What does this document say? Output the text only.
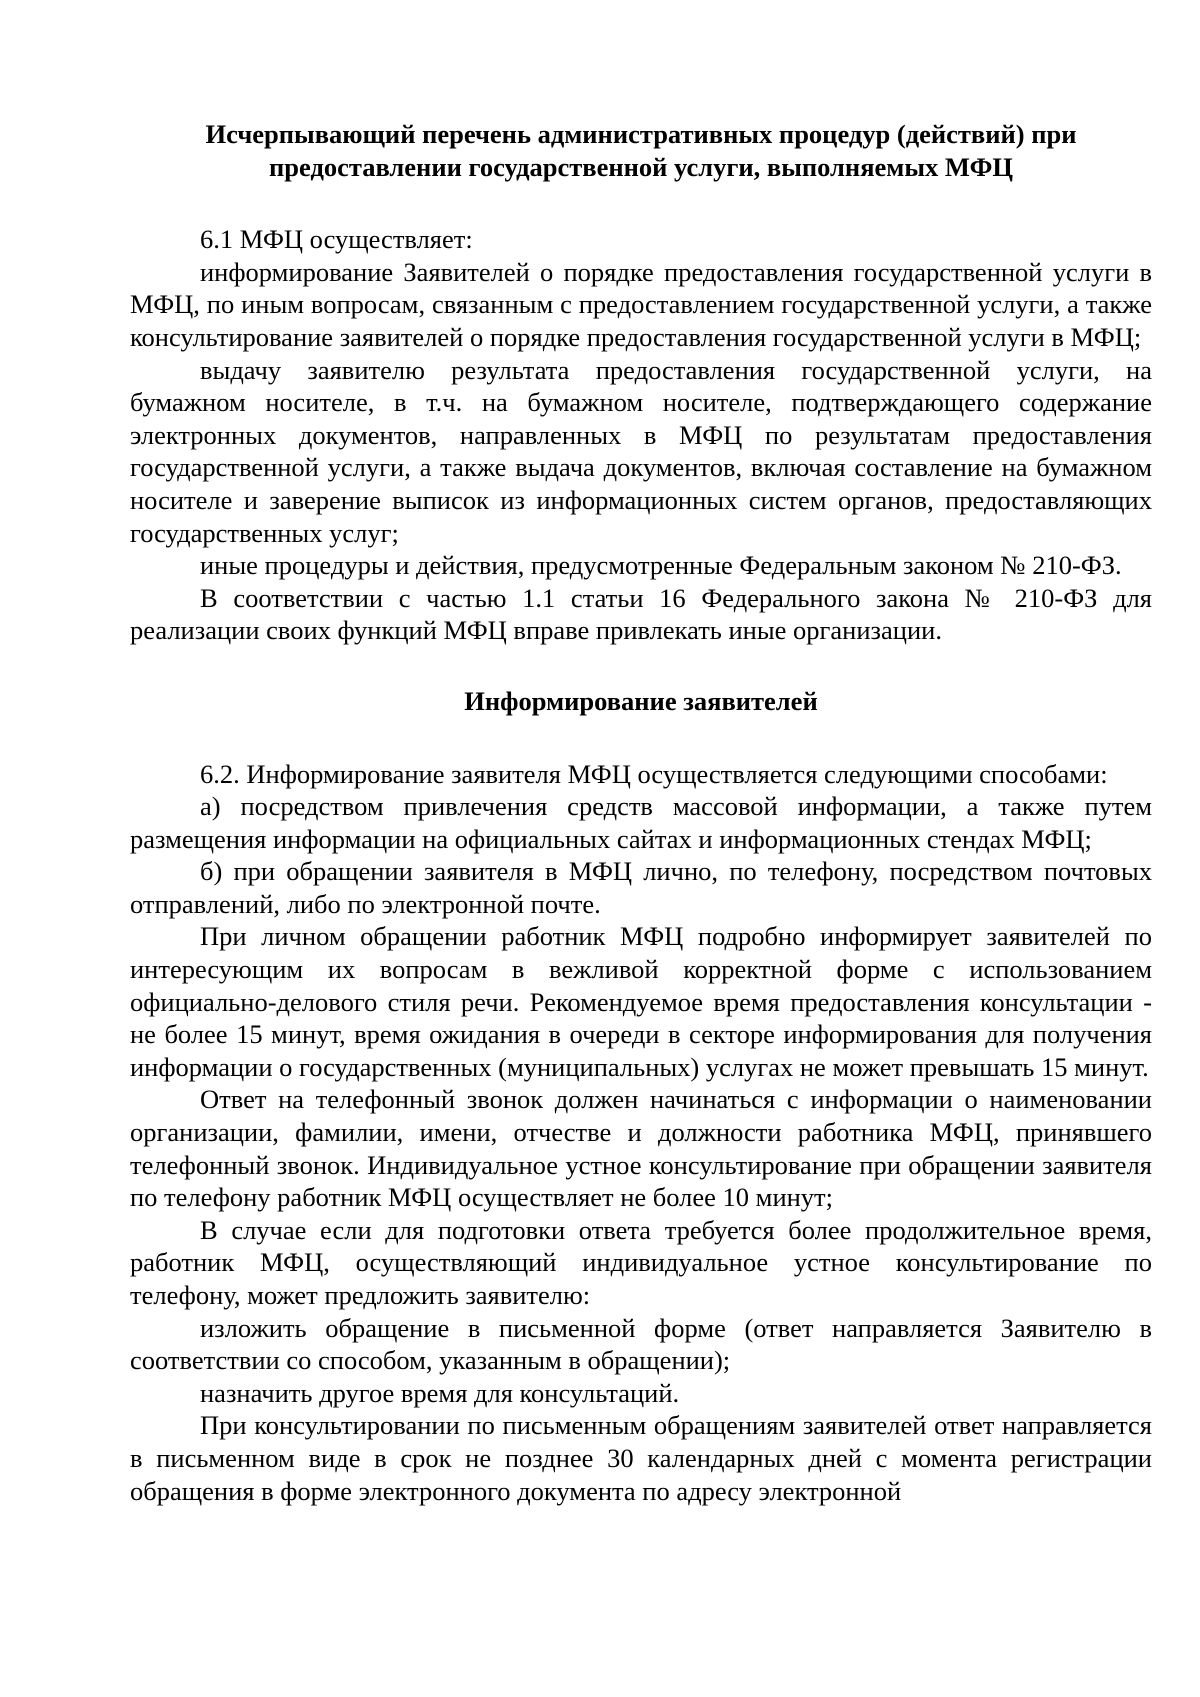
Исчерпывающий перечень административных процедур (действий) при
предоставлении государственной услуги, выполняемых МФЦ

6.1 МФЦ осуществляет:

информирование Заявителей о порядке предоставления государственной услуги в МФЦ, по иным вопросам, связанным с предоставлением государственной услуги, а также консультирование заявителей о порядке предоставления государственной услуги в МФЦ;

выдачу заявителю результата предоставления государственной услуги, на бумажном носителе, в т.ч. на бумажном носителе, подтверждающего содержание электронных документов, направленных в МФЦ по результатам предоставления государственной услуги, а также выдача документов, включая составление на бумажном носителе и заверение выписок из информационных систем органов, предоставляющих государственных услуг;

иные процедуры и действия, предусмотренные Федеральным законом № 210-ФЗ.

В соответствии с частью 1.1 статьи 16 Федерального закона № 210-ФЗ для реализации своих функций МФЦ вправе привлекать иные организации.

Информирование заявителей

6.2. Информирование заявителя МФЦ осуществляется следующими способами:

а) посредством привлечения средств массовой информации, а также путем размещения информации на официальных сайтах и информационных стендах МФЦ;

б) при обращении заявителя в МФЦ лично, по телефону, посредством почтовых отправлений, либо по электронной почте.

При личном обращении работник МФЦ подробно информирует заявителей по интересующим их вопросам в вежливой корректной форме с использованием официально-делового стиля речи. Рекомендуемое время предоставления консультации - не более 15 минут, время ожидания в очереди в секторе информирования для получения информации о государственных (муниципальных) услугах не может превышать 15 минут.

Ответ на телефонный звонок должен начинаться с информации о наименовании организации, фамилии, имени, отчестве и должности работника МФЦ, принявшего телефонный звонок. Индивидуальное устное консультирование при обращении заявителя по телефону работник МФЦ осуществляет не более 10 минут;

В случае если для подготовки ответа требуется более продолжительное время, работник МФЦ, осуществляющий индивидуальное устное консультирование по телефону, может предложить заявителю:

изложить обращение в письменной форме (ответ направляется Заявителю в соответствии со способом, указанным в обращении);

назначить другое время для консультаций.

При консультировании по письменным обращениям заявителей ответ направляется в письменном виде в срок не позднее 30 календарных дней с момента регистрации обращения в форме электронного документа по адресу электронной
